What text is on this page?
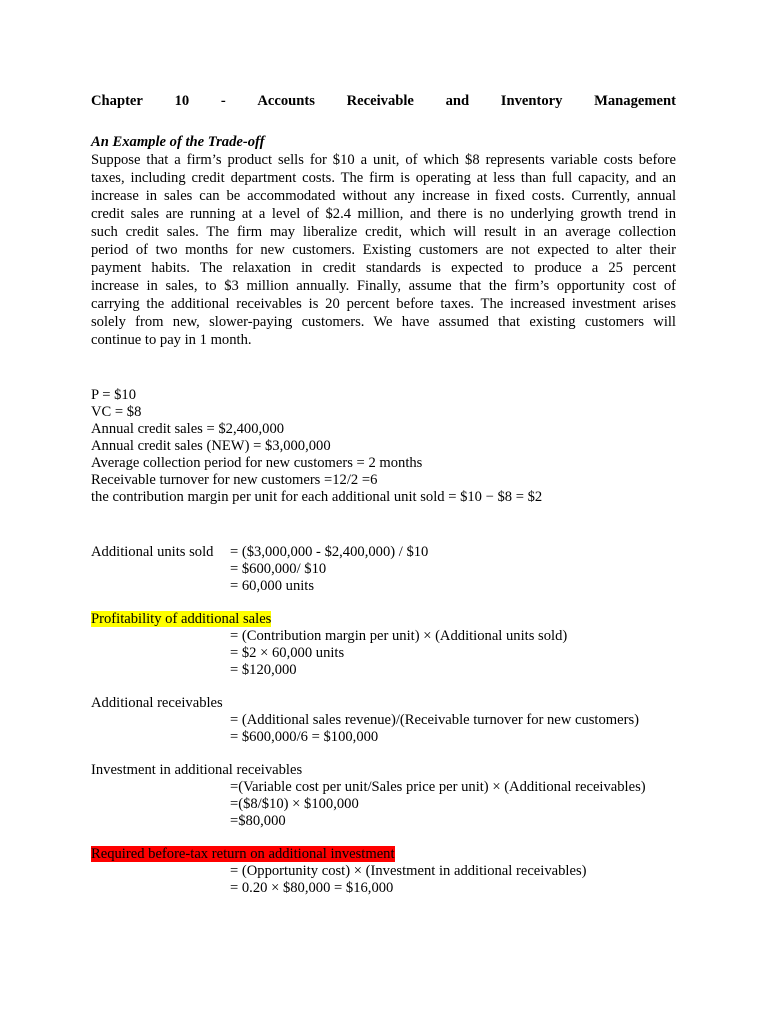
Chapter 10 - Accounts Receivable and Inventory Management
An Example of the Trade-off
Suppose that a firm’s product sells for $10 a unit, of which $8 represents variable costs before
taxes, including credit department costs. The firm is operating at less than full capacity, and an
increase in sales can be accommodated without any increase in fixed costs. Currently, annual
credit sales are running at a level of $2.4 million, and there is no underlying growth trend in
such credit sales. The firm may liberalize credit, which will result in an average collection
period of two months for new customers. Existing customers are not expected to alter their
payment habits. The relaxation in credit standards is expected to produce a 25 percent
increase in sales, to $3 million annually. Finally, assume that the firm’s opportunity cost of
carrying the additional receivables is 20 percent before taxes. The increased investment arises
solely from new, slower-paying customers. We have assumed that existing customers will
continue to pay in 1 month.
P = $10
VC = $8
Annual credit sales = $2,400,000
Annual credit sales (NEW) = $3,000,000
Average collection period for new customers = 2 months
Receivable turnover for new customers =12/2 =6
the contribution margin per unit for each additional unit sold = $10 − $8 = $2
Additional units sold = ($3,000,000 - $2,400,000) / $10
= $600,000/ $10
= 60,000 units
Profitability of additional sales
= (Contribution margin per unit) × (Additional units sold)
= $2 × 60,000 units
= $120,000
Additional receivables
= (Additional sales revenue)/(Receivable turnover for new customers)
= $600,000/6 = $100,000
Investment in additional receivables
=(Variable cost per unit/Sales price per unit) × (Additional receivables)
=($8/$10) × $100,000
=$80,000
Required before-tax return on additional investment
= (Opportunity cost) × (Investment in additional receivables)
= 0.20 × $80,000 = $16,000
